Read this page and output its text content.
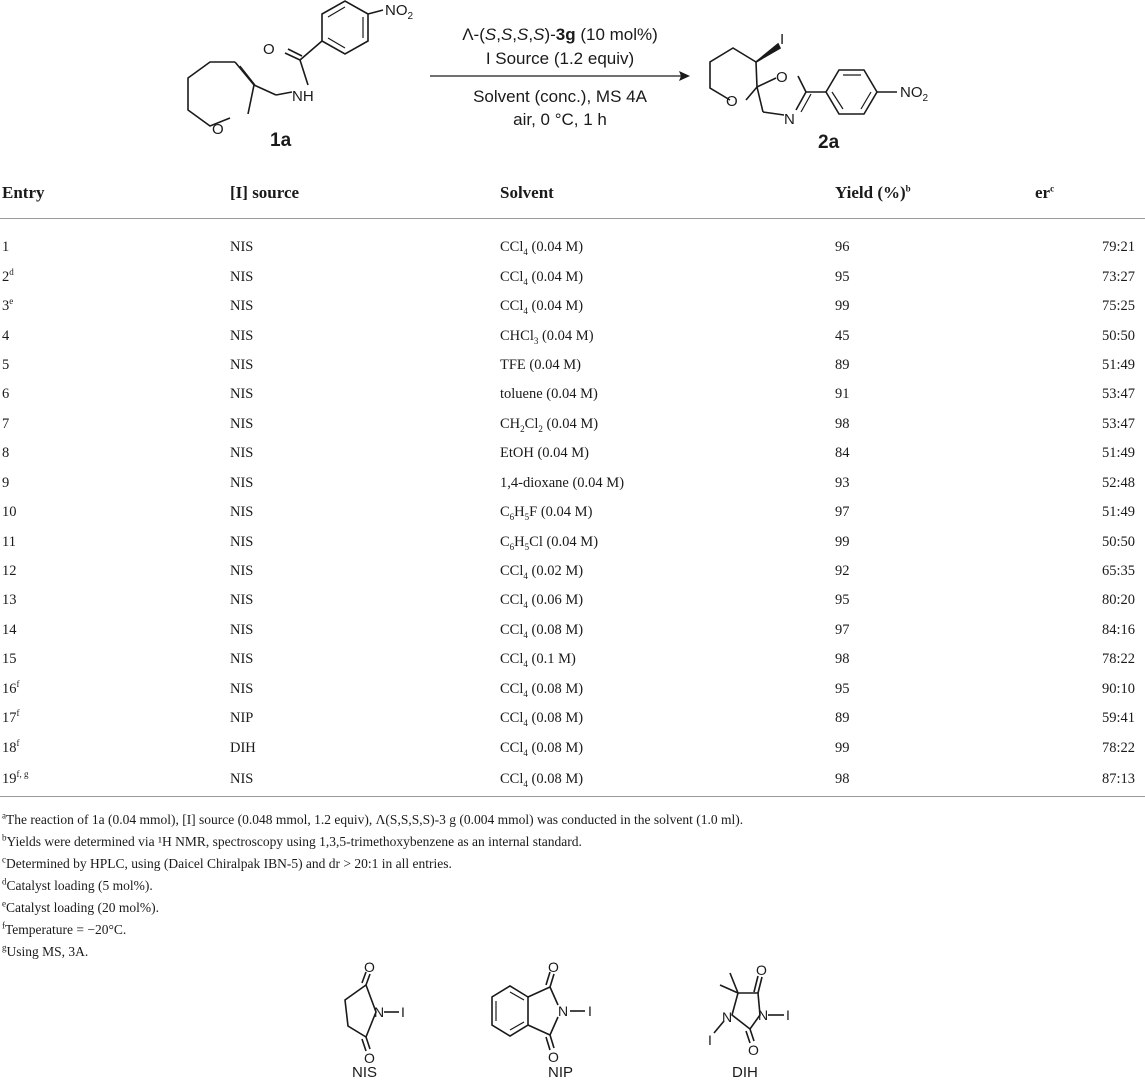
O
O
NH
$NO_2$
I
O
O
N
$NO_2$
1a	2a
Λ-(S,S,S,S)-3g (10 mol%)
I Source (1.2 equiv)
Solvent (conc.), MS 4A
air, 0 °C, 1 h
Entry	[I] source	Solvent	Yield (%)$^b$	$er^c$
1	NIS	CCl$_4$ (0.04 M)	96	79:21
2$^d$	NIS	CCl$_4$ (0.04 M)	95	73:27
3e	NIS	CCl$_4$ (0.04 M)	99	75:25
4	NIS	CHCl$_3$ (0.04 M)	45	50:50
5	NIS	TFE (0.04 M)	89	51:49
6	NIS	toluene (0.04 M)	91	53:47
7	NIS	$CH_2Cl_2$ (0.04 M)	98	53:47
8	NIS	EtOH (0.04 M)	84	51:49
9	NIS	1,4-dioxane (0.04 M)	93	52:48
10	NIS	$C_6H_5F$ (0.04 M)	97	51:49
11	NIS	$C_6H_5Cl$ (0.04 M)	99	50:50
12	NIS	CCl$_4$ (0.02 M)	92	65:35
13	NIS	CCl$_4$ (0.06 M)	95	80:20
14	NIS	CCl$_4$ (0.08 M)	97	84:16
15	NIS	CCl$_4$ (0.1 M)	98	78:22
16$^f$	NIS	CCl$_4$ (0.08 M)	95	90:10
17$^f$	NIP	CCl$_4$ (0.08 M)	89	59:41
18$^f$	DIH	CCl$_4$ (0.08 M)	99	78:22
19$^{f, g}$	NIS	CCl$_4$ (0.08 M)	98	87:13
$^a$The reaction of 1a (0.04 mmol), [I] source (0.048 mmol, 1.2 equiv), Λ(S,S,S,S)-3 g (0.004 mmol) was conducted in the solvent (1.0 ml).
$^b$Yields were determined via ¹H NMR, spectroscopy using 1,3,5-trimethoxybenzene as an internal standard.
$^c$Determined by HPLC, using (Daicel Chiralpak IBN-5) and dr > 20:1 in all entries.
$^d$Catalyst loading (5 mol%).
$^e$Catalyst loading (20 mol%).
$^f$Temperature = −20°C.
$^g$Using MS, 3A.
O
O
N I
O
O
N I
O
O
N
N	I
I
NIS	NIP	DIH
